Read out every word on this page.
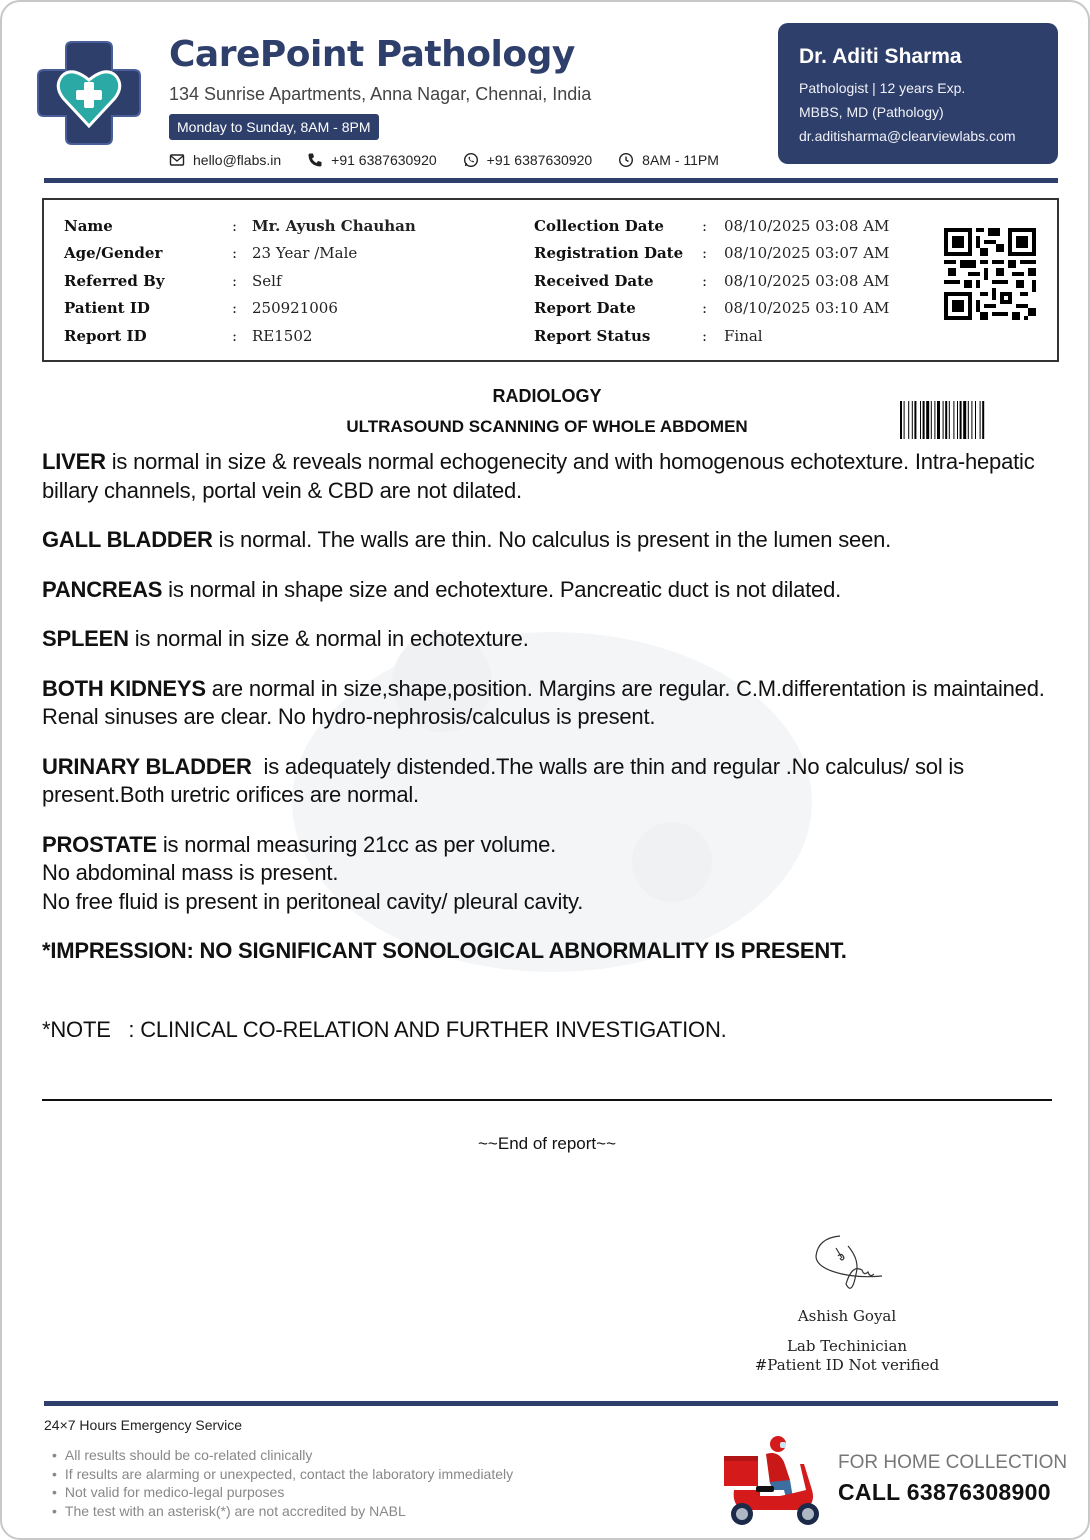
CarePoint Pathology
134 Sunrise Apartments, Anna Nagar, Chennai, India
Monday to Sunday, 8AM - 8PM
hello@flabs.in	+91 6387630920	+91 6387630920	8AM - 11PM
Dr. Aditi Sharma
Pathologist | 12 years Exp.
MBBS, MD (Pathology)
dr.aditisharma@clearviewlabs.com
Name	: Mr. Ayush Chauhan
Age/Gender	: 23 Year /Male
Referred By	: Self
Patient ID	: 250921006
Report ID	: RE1502
Collection Date	:	08/10/2025 03:08 AM
Registration Date	:	08/10/2025 03:07 AM
Received Date	:	08/10/2025 03:08 AM
Report Date	:	08/10/2025 03:10 AM
Report Status	:	Final
RADIOLOGY
ULTRASOUND SCANNING OF WHOLE ABDOMEN

LIVER is normal in size & reveals normal echogenecity and with homogenous echotexture. Intra-hepatic billary channels, portal vein & CBD are not dilated.

GALL BLADDER is normal. The walls are thin. No calculus is present in the lumen seen.

PANCREAS is normal in shape size and echotexture. Pancreatic duct is not dilated.

SPLEEN is normal in size & normal in echotexture.

BOTH KIDNEYS are normal in size,shape,position. Margins are regular. C.M.differentation is maintained. Renal sinuses are clear. No hydro-nephrosis/calculus is present.

URINARY BLADDER  is adequately distended.The walls are thin and regular .No calculus/ sol is present.Both uretric orifices are normal.

PROSTATE is normal measuring 21cc as per volume.
No abdominal mass is present.
No free fluid is present in peritoneal cavity/ pleural cavity.

*IMPRESSION: NO SIGNIFICANT SONOLOGICAL ABNORMALITY IS PRESENT.

*NOTE   : CLINICAL CO-RELATION AND FURTHER INVESTIGATION.

~~End of report~~
Ashish Goyal
Lab Techinician
#Patient ID Not verified
24×7 Hours Emergency Service
• All results should be co-related clinically
• If results are alarming or unexpected, contact the laboratory immediately
• Not valid for medico-legal purposes
• The test with an asterisk(*) are not accredited by NABL
FOR HOME COLLECTION
CALL 63876308900
